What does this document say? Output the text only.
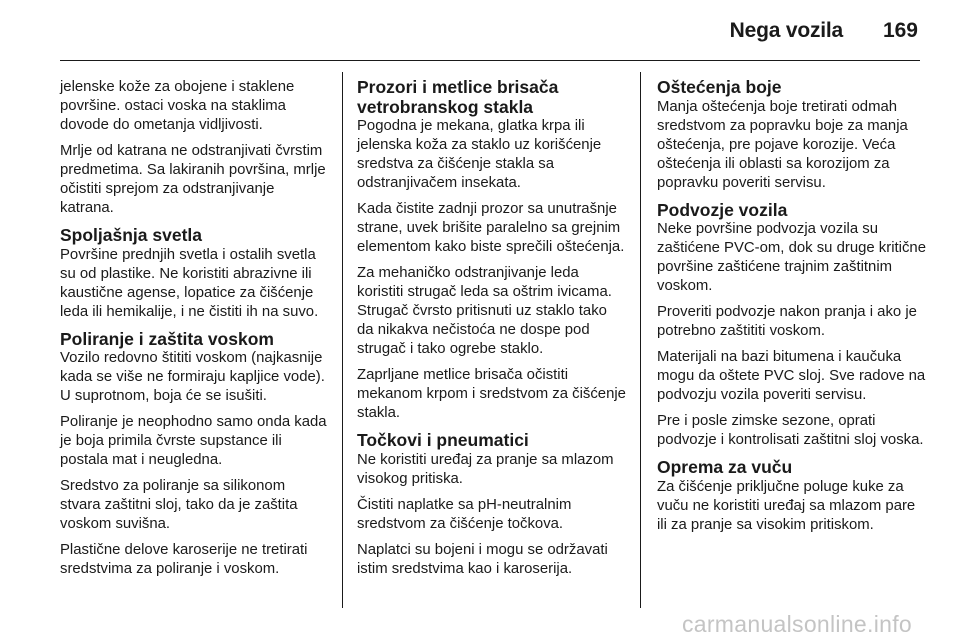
Nega vozila 169

jelenske kože za obojene i staklene površine. ostaci voska na staklima dovode do ometanja vidljivosti.

Mrlje od katrana ne odstranjivati čvrstim predmetima. Sa lakiranih površina, mrlje očistiti sprejom za odstranjivanje katrana.

Spoljašnja svetla

Površine prednjih svetla i ostalih svetla su od plastike. Ne koristiti abrazivne ili kaustične agense, lopatice za čišćenje leda ili hemikalije, i ne čistiti ih na suvo.

Poliranje i zaštita voskom

Vozilo redovno štititi voskom (najkasnije kada se više ne formiraju kapljice vode). U suprotnom, boja će se isušiti.

Poliranje je neophodno samo onda kada je boja primila čvrste supstance ili postala mat i neugledna.

Sredstvo za poliranje sa silikonom stvara zaštitni sloj, tako da je zaštita voskom suvišna.

Plastične delove karoserije ne tretirati sredstvima za poliranje i voskom.

Prozori i metlice brisača vetrobranskog stakla

Pogodna je mekana, glatka krpa ili jelenska koža za staklo uz korišćenje sredstva za čišćenje stakla sa odstranjivačem insekata.

Kada čistite zadnji prozor sa unutrašnje strane, uvek brišite paralelno sa grejnim elementom kako biste sprečili oštećenja.

Za mehaničko odstranjivanje leda koristiti strugač leda sa oštrim ivicama. Strugač čvrsto pritisnuti uz staklo tako da nikakva nečistoća ne dospe pod strugač i tako ogrebe staklo.

Zaprljane metlice brisača očistiti mekanom krpom i sredstvom za čišćenje stakla.

Točkovi i pneumatici

Ne koristiti uređaj za pranje sa mlazom visokog pritiska.

Čistiti naplatke sa pH-neutralnim sredstvom za čišćenje točkova.

Naplatci su bojeni i mogu se održavati istim sredstvima kao i karoserija.

Oštećenja boje

Manja oštećenja boje tretirati odmah sredstvom za popravku boje za manja oštećenja, pre pojave korozije. Veća oštećenja ili oblasti sa korozijom za popravku poveriti servisu.

Podvozje vozila

Neke površine podvozja vozila su zaštićene PVC-om, dok su druge kritične površine zaštićene trajnim zaštitnim voskom.

Proveriti podvozje nakon pranja i ako je potrebno zaštititi voskom.

Materijali na bazi bitumena i kaučuka mogu da oštete PVC sloj. Sve radove na podvozju vozila poveriti servisu.

Pre i posle zimske sezone, oprati podvozje i kontrolisati zaštitni sloj voska.

Oprema za vuču

Za čišćenje priključne poluge kuke za vuču ne koristiti uređaj sa mlazom pare ili za pranje sa visokim pritiskom.

carmanualsonline.info
